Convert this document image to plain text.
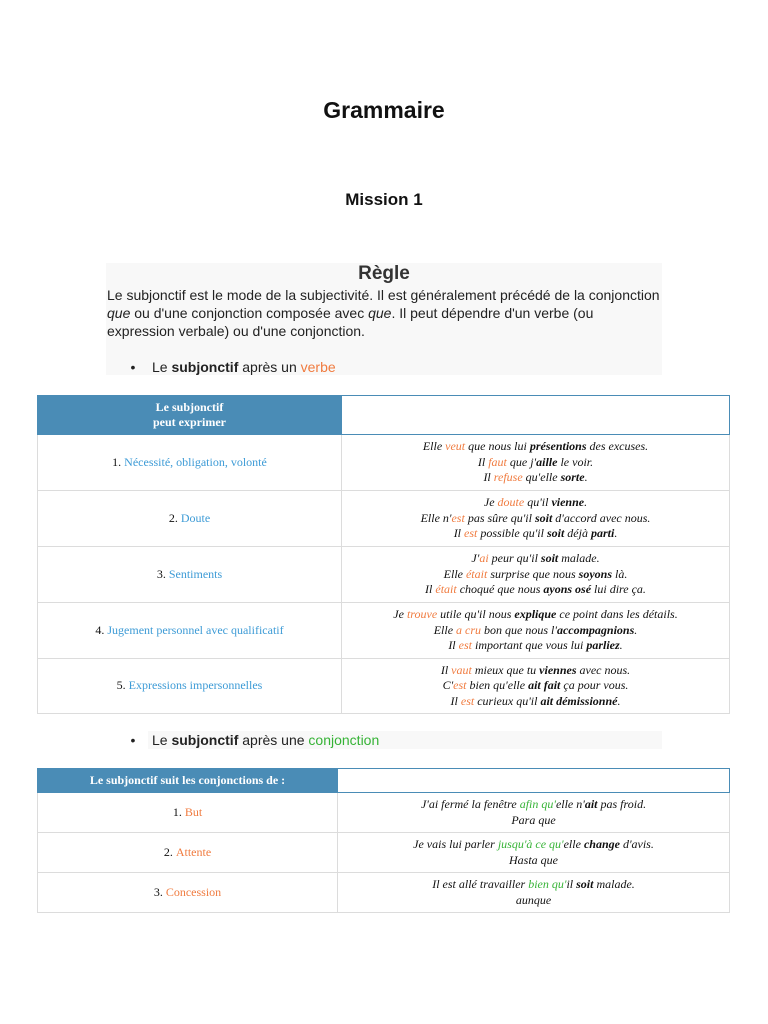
Grammaire
Mission 1
Règle
Le subjonctif est le mode de la subjectivité. Il est généralement précédé de la conjonction que ou d'une conjonction composée avec que. Il peut dépendre d'un verbe (ou expression verbale) ou d'une conjonction.
•	Le subjonctif après un verbe
Le subjonctif
peut exprimer	

1. Nécessité, obligation, volonté	Elle veut que nous lui présentions des excuses.
Il faut que j'aille le voir.
Il refuse qu'elle sorte.

2. Doute	Je doute qu'il vienne.
Elle n'est pas sûre qu'il soit d'accord avec nous.
Il est possible qu'il soit déjà parti.

3. Sentiments	J'ai peur qu'il soit malade.
Elle était surprise que nous soyons là.
Il était choqué que nous ayons osé lui dire ça.

4. Jugement personnel avec qualificatif	Je trouve utile qu'il nous explique ce point dans les détails.
Elle a cru bon que nous l'accompagnions.
Il est important que vous lui parliez.

5. Expressions impersonnelles	Il vaut mieux que tu viennes avec nous.
C'est bien qu'elle ait fait ça pour vous.
Il est curieux qu'il ait démissionné.
•	Le subjonctif après une conjonction
Le subjonctif suit les conjonctions de :	
1. But	J'ai fermé la fenêtre afin qu'elle n'ait pas froid.
Para que

2. Attente	Je vais lui parler jusqu'à ce qu'elle change d'avis.
Hasta que

3. Concession	Il est allé travailler bien qu'il soit malade.
aunque
